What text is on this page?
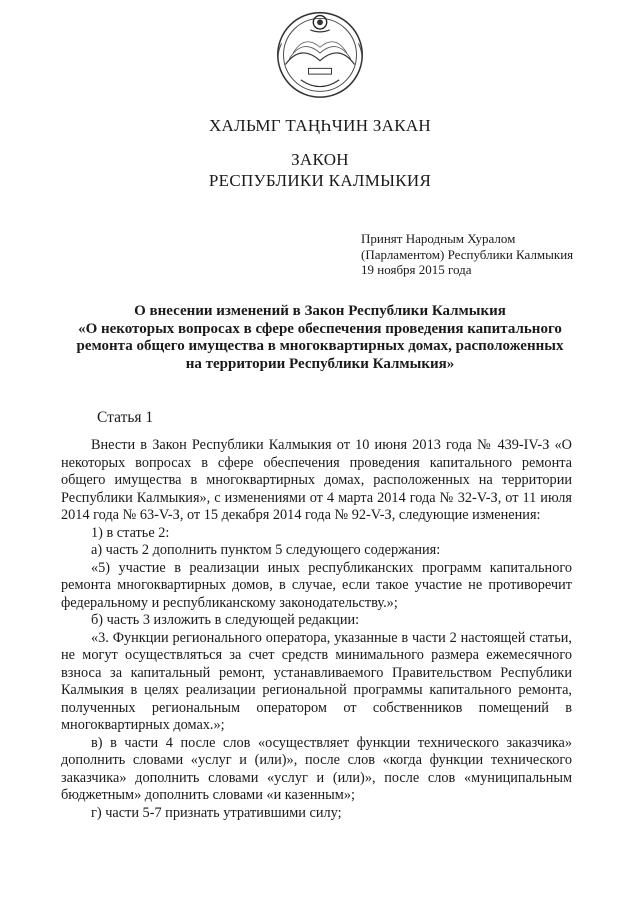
ХАЛЬМГ ТАҢҺЧИН ЗАКАН
ЗАКОН
РЕСПУБЛИКИ КАЛМЫКИЯ
Принят Народным Хуралом
(Парламентом) Республики Калмыкия
19 ноября 2015 года
О внесении изменений в Закон Республики Калмыкия
«О некоторых вопросах в сфере обеспечения проведения капитального
ремонта общего имущества в многоквартирных домах, расположенных
на территории Республики Калмыкия»
Статья 1

Внести в Закон Республики Калмыкия от 10 июня 2013 года № 439-IV-З «О некоторых вопросах в сфере обеспечения проведения капитального ремонта общего имущества в многоквартирных домах, расположенных на территории Республики Калмыкия», с изменениями от 4 марта 2014 года № 32-V-З, от 11 июля 2014 года № 63-V-З, от 15 декабря 2014 года № 92-V-З, следующие изменения:

1) в статье 2:

а) часть 2 дополнить пунктом 5 следующего содержания:

«5) участие в реализации иных республиканских программ капитального ремонта многоквартирных домов, в случае, если такое участие не противоречит федеральному и республиканскому законодательству.»;

б) часть 3 изложить в следующей редакции:

«3. Функции регионального оператора, указанные в части 2 настоящей статьи, не могут осуществляться за счет средств минимального размера ежемесячного взноса за капитальный ремонт, устанавливаемого Правительством Республики Калмыкия в целях реализации региональной программы капитального ремонта, полученных региональным оператором от собственников помещений в многоквартирных домах.»;

в) в части 4 после слов «осуществляет функции технического заказчика» дополнить словами «услуг и (или)», после слов «когда функции технического заказчика» дополнить словами «услуг и (или)», после слов «муниципальным бюджетным» дополнить словами «и казенным»;

г) части 5-7 признать утратившими силу;
